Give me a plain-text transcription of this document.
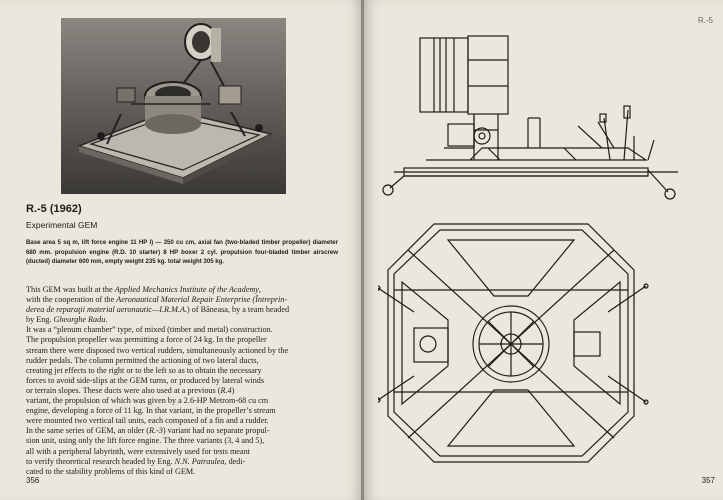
R.-5 (1962)
Experimental GEM

Base area 5 sq m, lift force engine 11 HP I) — 350 cu cm, axial fan (two-bladed timber propeller) diameter 680 mm. propulsion engine (R.D. 10 starter) 8 HP boxer 2 cyl. propulsion four-bladed timber airscrew (ducted) diameter 600 mm, empty weight 235 kg. total weight 305 kg.

This GEM was built at the Applied Mechanics Institute of the Academy,
with the cooperation of the Aeronautical Material Repair Enterprise (Întreprin-
derea de reparaţii material aeronautic—I.R.M.A.) of Băneasa, by a team headed
by Eng. Gheorghe Radu.
It was a “plenum chamber” type, of mixed (timber and metal) construction.
The propulsion propeller was permitting a force of 24 kg. In the propeller
stream there were disposed two vertical rudders, simultaneously actioned by the
rudder pedals. The column permitted the actioning of two lateral ducts,
creating jet effects to the right or to the left so as to obtain the necessary
forces to avoid side-slips at the GEM turns, or produced by lateral winds
or terrain slopes. These ducts were also used at a previous (R.4)
variant, the propulsion of which was given by a 2.6-HP Metrom-68 cu cm
engine, developing a force of 11 kg. In that variant, in the propeller’s stream
were mounted two vertical tail units, each composed of a fin and a rudder.
In the same series of GEM, an older (R.-3) variant had no separate propul-
sion unit, using only the lift force engine. The three variants (3, 4 and 5),
all with a peripheral labyrinth, were extensively used for tests meant
to verify theoretical research headed by Eng. N.N. Patraulea, dedi-
cated to the stability problems of this kind of GEM.
356
R.-5
357
